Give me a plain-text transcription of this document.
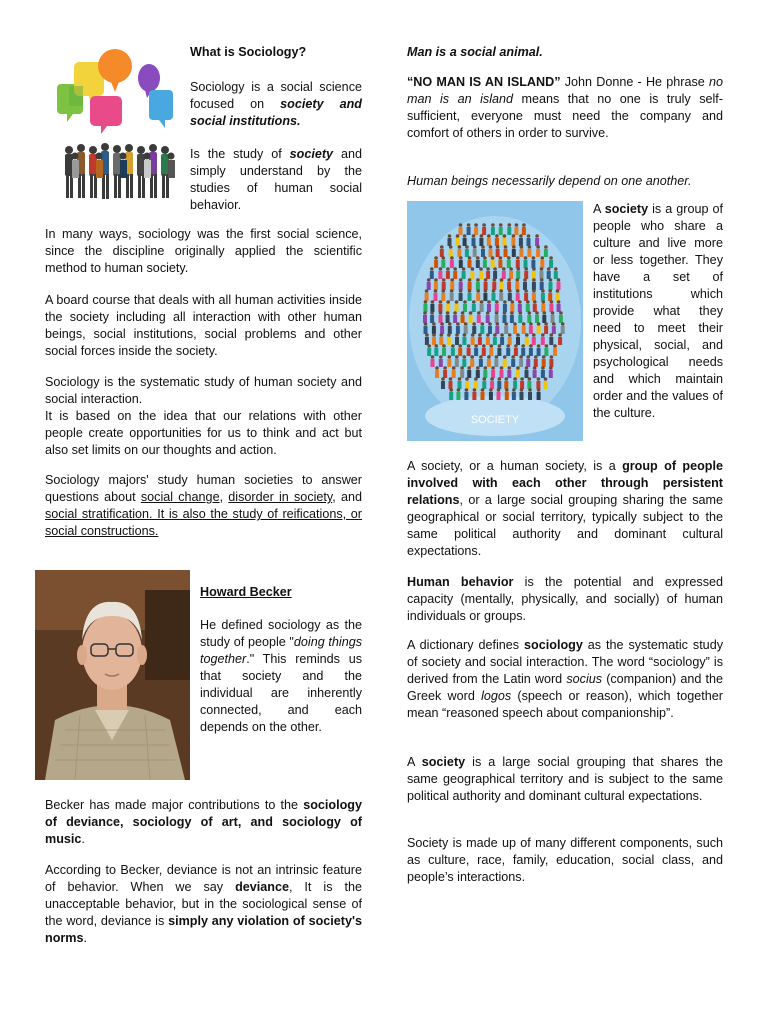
What is Sociology?

Sociology is a social science focused on society and social institutions.

Is the study of society and simply understand by the studies of human social behavior.

In many ways, sociology was the first social science, since the discipline originally applied the scientific method to human society.

A board course that deals with all human activities inside the society including all interaction with other human beings, social institutions, social problems and other social forces inside the society.

Sociology is the systematic study of human society and social interaction.

It is based on the idea that our relations with other people create opportunities for us to think and act but also set limits on our thoughts and action.

Sociology majors' study human societies to answer questions about social change, disorder in society, and social stratification. It is also the study of reifications, or social constructions.

Howard Becker

He defined sociology as the study of people "doing things together." This reminds us that society and the individual are inherently connected, and each depends on the other.

Becker has made major contributions to the sociology of deviance, sociology of art, and sociology of music.

According to Becker, deviance is not an intrinsic feature of behavior. When we say deviance, It is the unacceptable behavior, but in the sociological sense of the word, deviance is simply any violation of society's norms.

Man is a social animal.

“NO MAN IS AN ISLAND” John Donne - He phrase no man is an island means that no one is truly self-sufficient, everyone must need the company and comfort of others in order to survive.

Human beings necessarily depend on one another.

SOCIETY

A society is a group of people who share a culture and live more or less together. They have a set of institutions which provide what they need to meet their physical, social, and psychological needs and which maintain order and the values of the culture.

A society, or a human society, is a group of people involved with each other through persistent relations, or a large social grouping sharing the same geographical or social territory, typically subject to the same political authority and dominant cultural expectations.

Human behavior is the potential and expressed capacity (mentally, physically, and socially) of human individuals or groups.

A dictionary defines sociology as the systematic study of society and social interaction. The word “sociology” is derived from the Latin word socius (companion) and the Greek word logos (speech or reason), which together mean “reasoned speech about companionship”.

A society is a large social grouping that shares the same geographical territory and is subject to the same political authority and dominant cultural expectations.

Society is made up of many different components, such as culture, race, family, education, social class, and people’s interactions.
